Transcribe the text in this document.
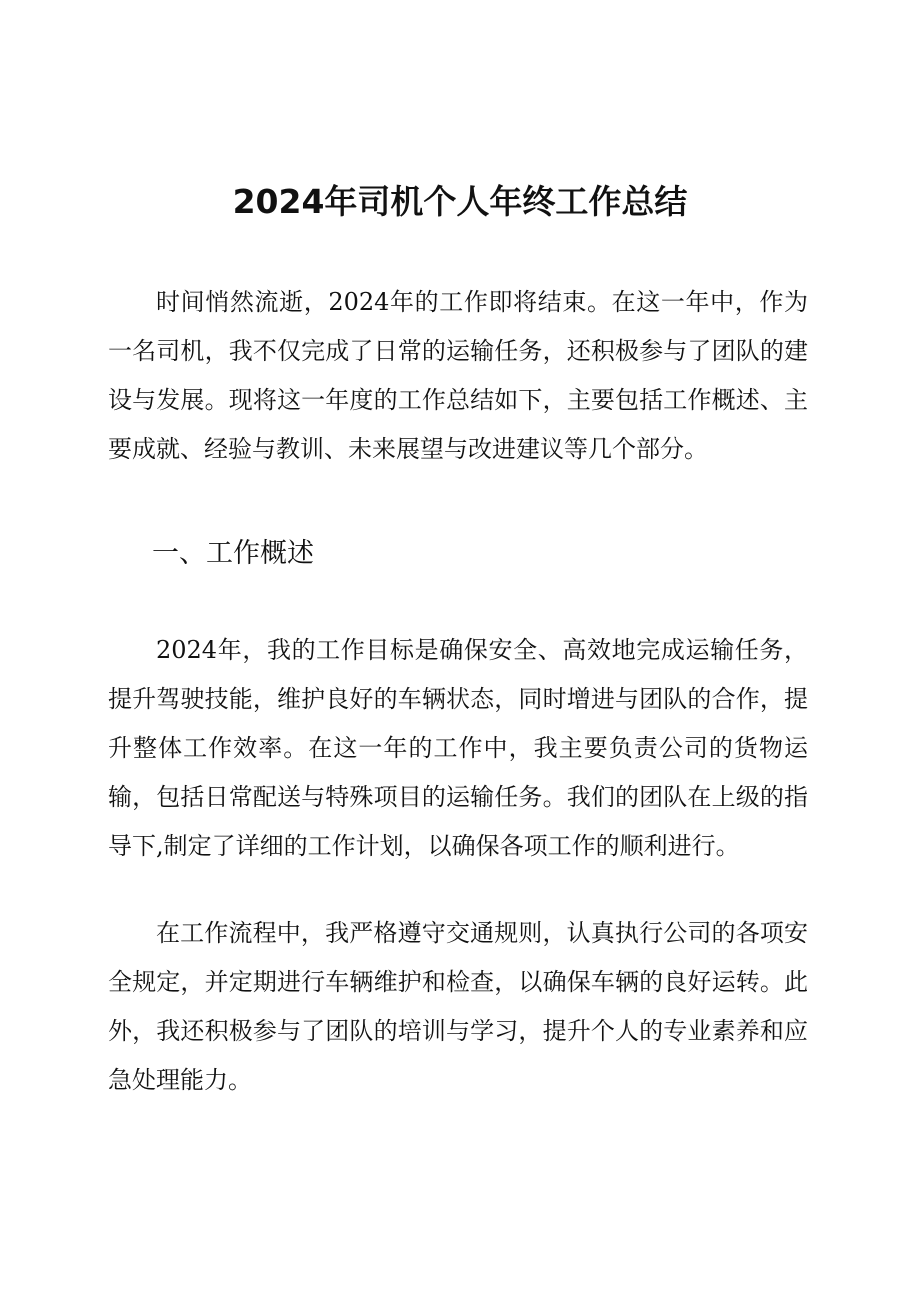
2024年司机个人年终工作总结

时间悄然流逝，2024年的工作即将结束。在这一年中，作为一名司机，我不仅完成了日常的运输任务，还积极参与了团队的建设与发展。现将这一年度的工作总结如下，主要包括工作概述、主要成就、经验与教训、未来展望与改进建议等几个部分。

一、工作概述

2024年，我的工作目标是确保安全、高效地完成运输任务，提升驾驶技能，维护良好的车辆状态，同时增进与团队的合作，提升整体工作效率。在这一年的工作中，我主要负责公司的货物运输，包括日常配送与特殊项目的运输任务。我们的团队在上级的指导下,制定了详细的工作计划，以确保各项工作的顺利进行。

在工作流程中，我严格遵守交通规则，认真执行公司的各项安全规定，并定期进行车辆维护和检查，以确保车辆的良好运转。此外，我还积极参与了团队的培训与学习，提升个人的专业素养和应急处理能力。
